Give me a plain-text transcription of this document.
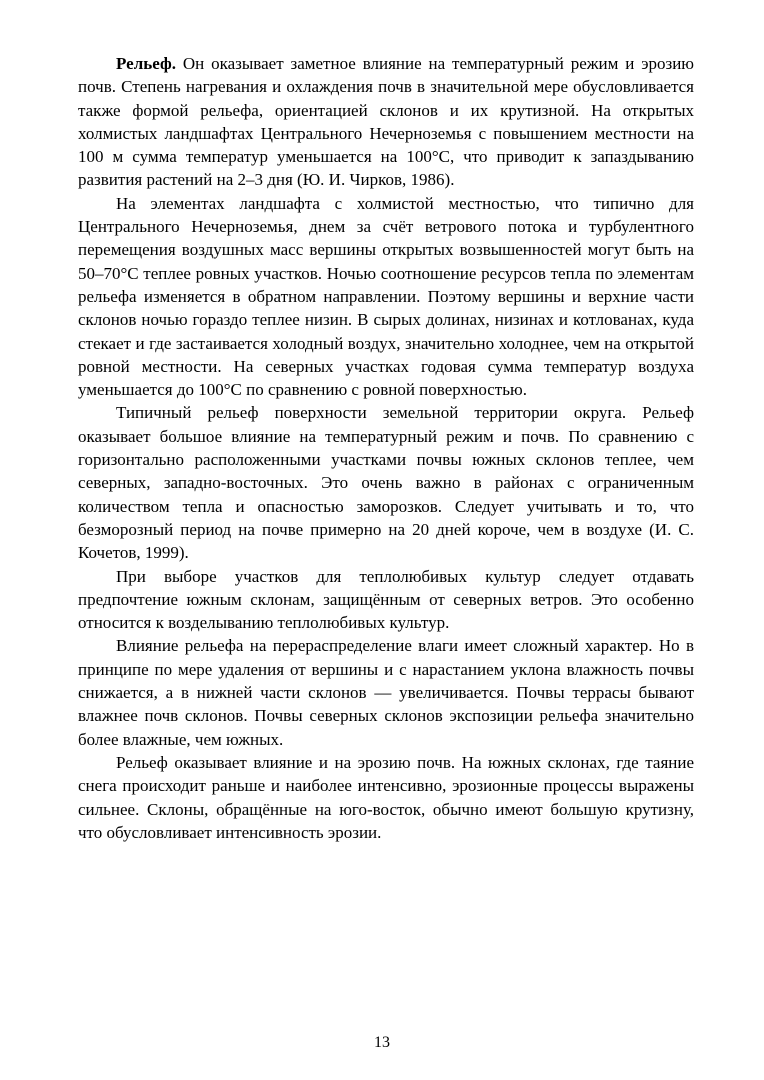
Рельеф. Он оказывает заметное влияние на температурный режим и эрозию почв. Степень нагревания и охлаждения почв в значительной мере обусловливается также формой рельефа, ориентацией склонов и их крутизной. На открытых холмистых ландшафтах Центрального Нечерноземья с повышением местности на 100 м сумма температур уменьшается на 100°С, что приводит к запаздыванию развития растений на 2–3 дня (Ю. И. Чирков, 1986).

На элементах ландшафта с холмистой местностью, что типично для Центрального Нечерноземья, днем за счёт ветрового потока и турбулентного перемещения воздушных масс вершины открытых возвышенностей могут быть на 50–70°С теплее ровных участков. Ночью соотношение ресурсов тепла по элементам рельефа изменяется в обратном направлении. Поэтому вершины и верхние части склонов ночью гораздо теплее низин. В сырых долинах, низинах и котлованах, куда стекает и где застаивается холодный воздух, значительно холоднее, чем на открытой ровной местности. На северных участках годовая сумма температур воздуха уменьшается до 100°С по сравнению с ровной поверхностью.

Типичный рельеф поверхности земельной территории округа. Рельеф оказывает большое влияние на температурный режим и почв. По сравнению с горизонтально расположенными участками почвы южных склонов теплее, чем северных, западно-восточных. Это очень важно в районах с ограниченным количеством тепла и опасностью заморозков. Следует учитывать и то, что безморозный период на почве примерно на 20 дней короче, чем в воздухе (И. С. Кочетов, 1999).

При выборе участков для теплолюбивых культур следует отдавать предпочтение южным склонам, защищённым от северных ветров. Это особенно относится к возделыванию теплолюбивых культур.

Влияние рельефа на перераспределение влаги имеет сложный характер. Но в принципе по мере удаления от вершины и с нарастанием уклона влажность почвы снижается, а в нижней части склонов — увеличивается. Почвы террасы бывают влажнее почв склонов. Почвы северных склонов экспозиции рельефа значительно более влажные, чем южных.

Рельеф оказывает влияние и на эрозию почв. На южных склонах, где таяние снега происходит раньше и наиболее интенсивно, эрозионные процессы выражены сильнее. Склоны, обращённые на юго-восток, обычно имеют большую крутизну, что обусловливает интенсивность эрозии.

13
